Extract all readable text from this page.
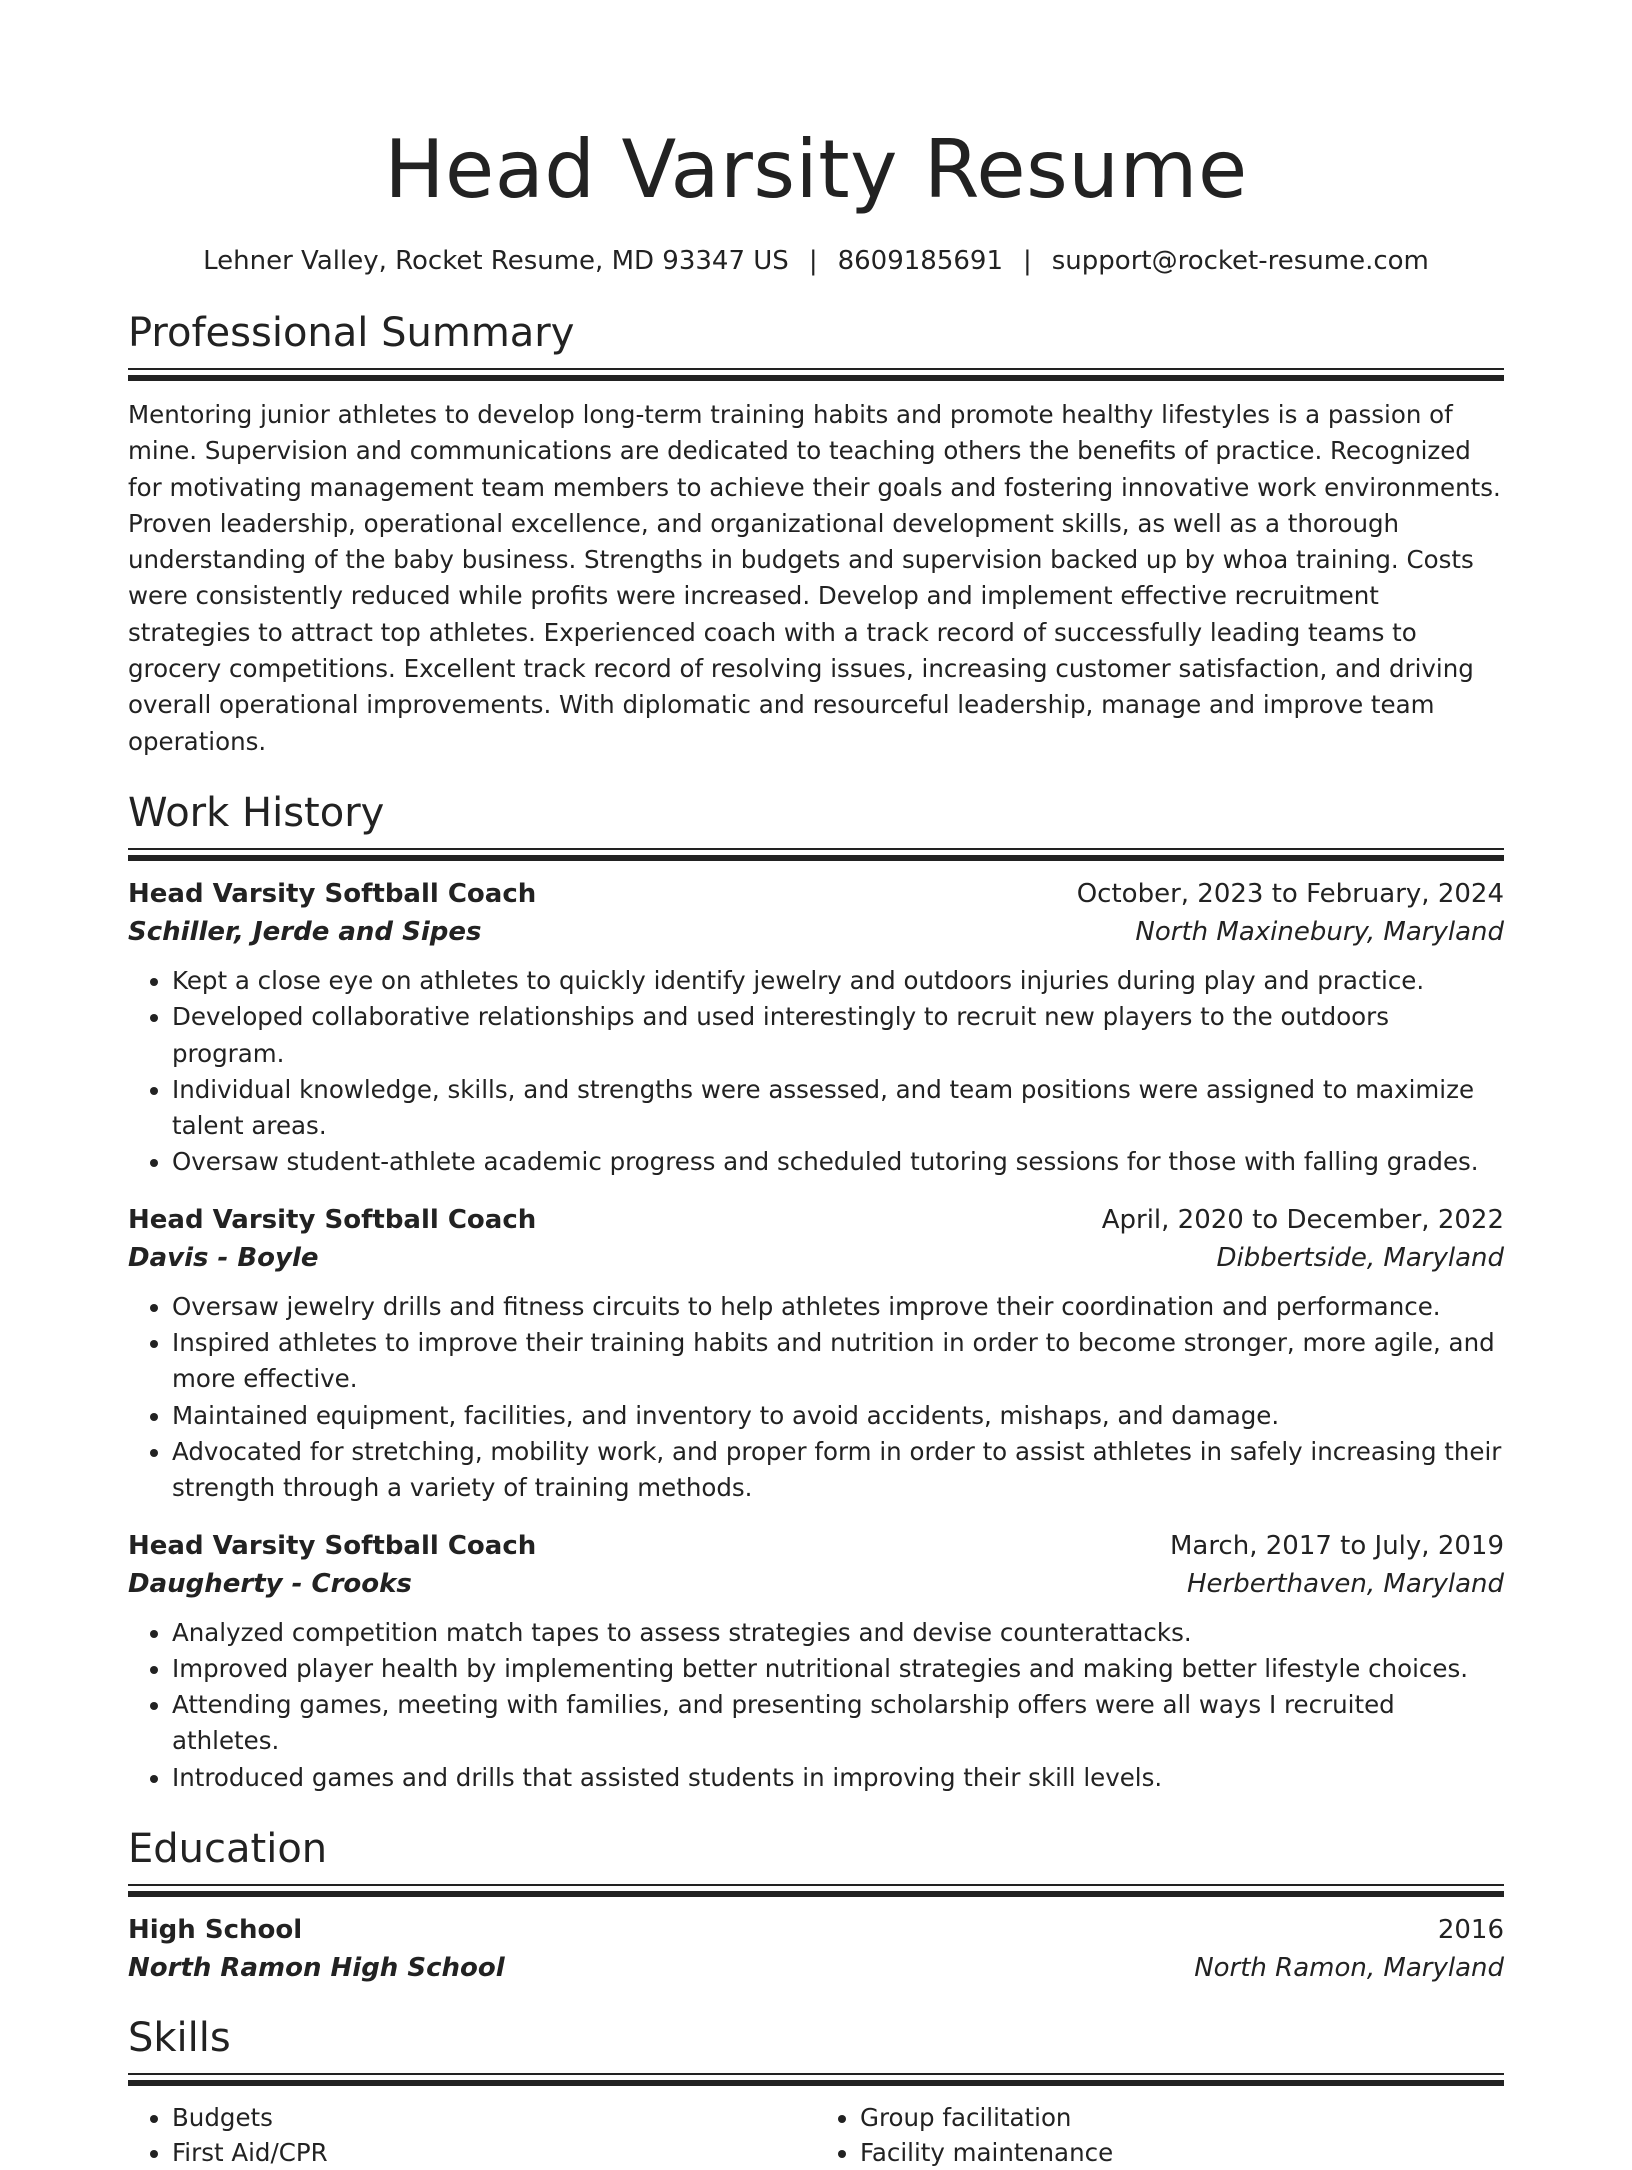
Head Varsity Resume
Lehner Valley, Rocket Resume, MD 93347 US | 8609185691 | support@rocket-resume.com
Professional Summary
Mentoring junior athletes to develop long-term training habits and promote healthy lifestyles is a passion of mine. Supervision and communications are dedicated to teaching others the benefits of practice. Recognized for motivating management team members to achieve their goals and fostering innovative work environments. Proven leadership, operational excellence, and organizational development skills, as well as a thorough understanding of the baby business. Strengths in budgets and supervision backed up by whoa training. Costs were consistently reduced while profits were increased. Develop and implement effective recruitment strategies to attract top athletes. Experienced coach with a track record of successfully leading teams to grocery competitions. Excellent track record of resolving issues, increasing customer satisfaction, and driving overall operational improvements. With diplomatic and resourceful leadership, manage and improve team operations.
Work History
Head Varsity Softball Coach	October, 2023 to February, 2024
Schiller, Jerde and Sipes	North Maxinebury, Maryland
• Kept a close eye on athletes to quickly identify jewelry and outdoors injuries during play and practice.
• Developed collaborative relationships and used interestingly to recruit new players to the outdoors program.
• Individual knowledge, skills, and strengths were assessed, and team positions were assigned to maximize talent areas.
• Oversaw student-athlete academic progress and scheduled tutoring sessions for those with falling grades.
Head Varsity Softball Coach	April, 2020 to December, 2022
Davis - Boyle	Dibbertside, Maryland
• Oversaw jewelry drills and fitness circuits to help athletes improve their coordination and performance.
• Inspired athletes to improve their training habits and nutrition in order to become stronger, more agile, and more effective.
• Maintained equipment, facilities, and inventory to avoid accidents, mishaps, and damage.
• Advocated for stretching, mobility work, and proper form in order to assist athletes in safely increasing their strength through a variety of training methods.
Head Varsity Softball Coach	March, 2017 to July, 2019
Daugherty - Crooks	Herberthaven, Maryland
• Analyzed competition match tapes to assess strategies and devise counterattacks.
• Improved player health by implementing better nutritional strategies and making better lifestyle choices.
• Attending games, meeting with families, and presenting scholarship offers were all ways I recruited athletes.
• Introduced games and drills that assisted students in improving their skill levels.
Education
High School	2016
North Ramon High School	North Ramon, Maryland
Skills
• Budgets
• First Aid/CPR
• Group facilitation
• Facility maintenance
